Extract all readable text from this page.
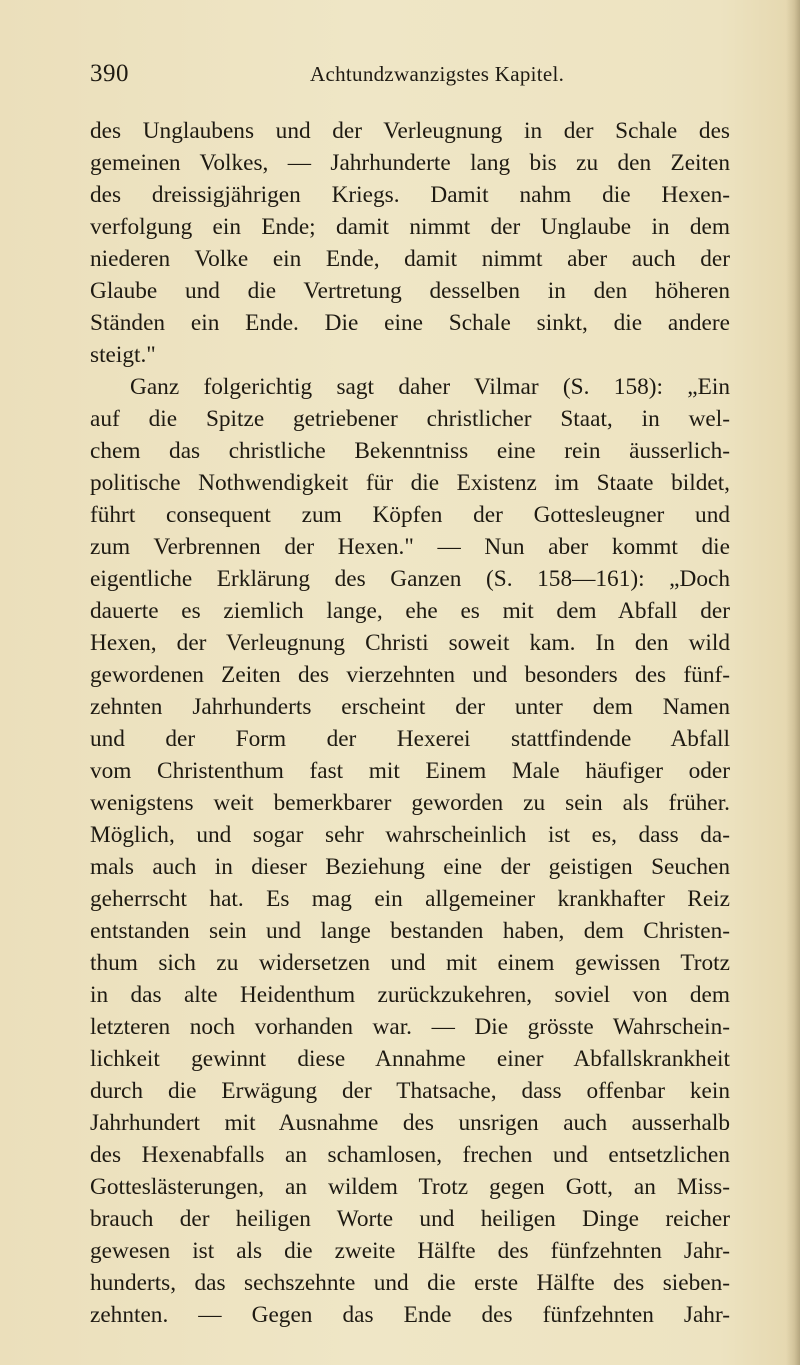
390	Achtundzwanzigstes Kapitel.
des Unglaubens und der Verleugnung in der Schale des
gemeinen Volkes, — Jahrhunderte lang bis zu den Zeiten
des dreissigjährigen Kriegs. Damit nahm die Hexen-
verfolgung ein Ende; damit nimmt der Unglaube in dem
niederen Volke ein Ende, damit nimmt aber auch der
Glaube und die Vertretung desselben in den höheren
Ständen ein Ende. Die eine Schale sinkt, die andere
steigt."
Ganz folgerichtig sagt daher Vilmar (S. 158): „Ein
auf die Spitze getriebener christlicher Staat, in wel-
chem das christliche Bekenntniss eine rein äusserlich-
politische Nothwendigkeit für die Existenz im Staate bildet,
führt consequent zum Köpfen der Gottesleugner und
zum Verbrennen der Hexen." — Nun aber kommt die
eigentliche Erklärung des Ganzen (S. 158—161): „Doch
dauerte es ziemlich lange, ehe es mit dem Abfall der
Hexen, der Verleugnung Christi soweit kam. In den wild
gewordenen Zeiten des vierzehnten und besonders des fünf-
zehnten Jahrhunderts erscheint der unter dem Namen
und der Form der Hexerei stattfindende Abfall
vom Christenthum fast mit Einem Male häufiger oder
wenigstens weit bemerkbarer geworden zu sein als früher.
Möglich, und sogar sehr wahrscheinlich ist es, dass da-
mals auch in dieser Beziehung eine der geistigen Seuchen
geherrscht hat. Es mag ein allgemeiner krankhafter Reiz
entstanden sein und lange bestanden haben, dem Christen-
thum sich zu widersetzen und mit einem gewissen Trotz
in das alte Heidenthum zurückzukehren, soviel von dem
letzteren noch vorhanden war. — Die grösste Wahrschein-
lichkeit gewinnt diese Annahme einer Abfallskrankheit
durch die Erwägung der Thatsache, dass offenbar kein
Jahrhundert mit Ausnahme des unsrigen auch ausserhalb
des Hexenabfalls an schamlosen, frechen und entsetzlichen
Gotteslästerungen, an wildem Trotz gegen Gott, an Miss-
brauch der heiligen Worte und heiligen Dinge reicher
gewesen ist als die zweite Hälfte des fünfzehnten Jahr-
hunderts, das sechszehnte und die erste Hälfte des sieben-
zehnten. — Gegen das Ende des fünfzehnten Jahr-
